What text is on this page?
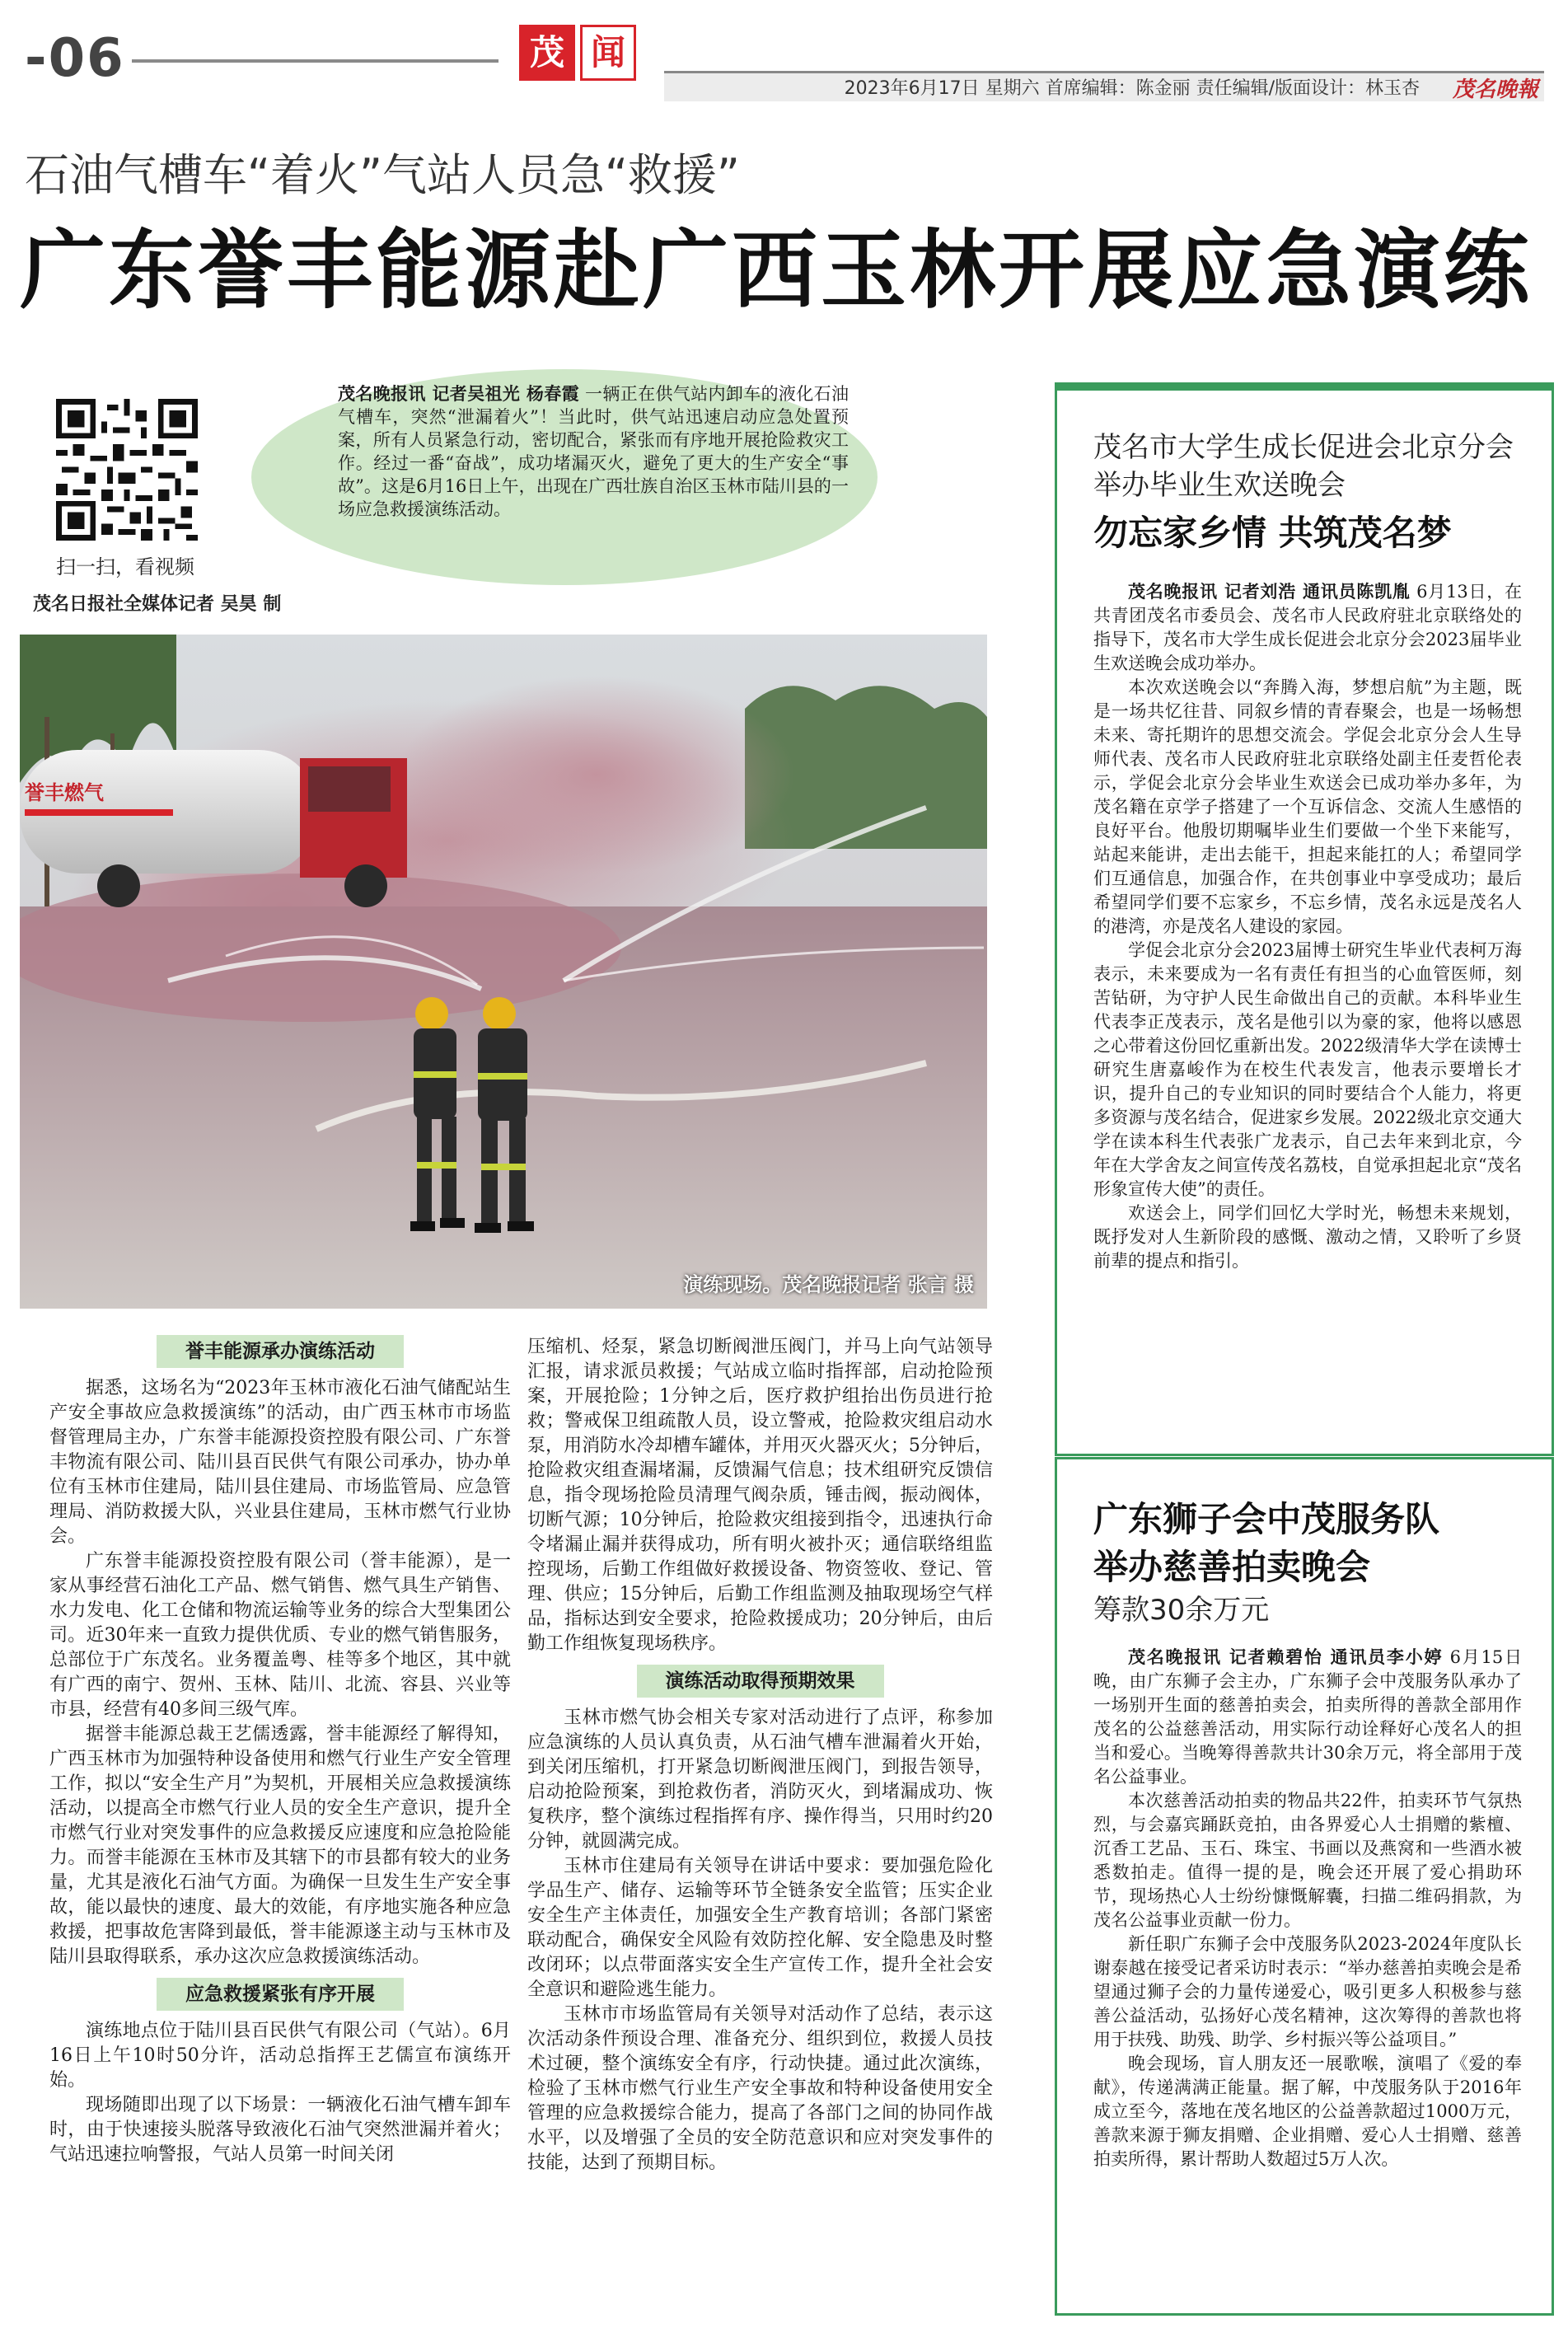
-06	茂 闻
2023年6月17日 星期六 首席编辑：陈金丽 责任编辑/版面设计：林玉杏 茂名晚報
石油气槽车“着火”气站人员急“救援”
广东誉丰能源赴广西玉林开展应急演练
扫一扫，看视频
茂名日报社全媒体记者 吴昊 制
茂名晚报讯 记者吴祖光 杨春霞 一辆正在供气站内卸车的液化石油气槽车，突然“泄漏着火”！当此时，供气站迅速启动应急处置预案，所有人员紧急行动，密切配合，紧张而有序地开展抢险救灾工作。经过一番“奋战”，成功堵漏灭火，避免了更大的生产安全“事故”。这是6月16日上午，出现在广西壮族自治区玉林市陆川县的一场应急救援演练活动。
誉丰燃气
演练现场。茂名晚报记者 张言 摄
誉丰能源承办演练活动

据悉，这场名为“2023年玉林市液化石油气储配站生产安全事故应急救援演练”的活动，由广西玉林市市场监督管理局主办，广东誉丰能源投资控股有限公司、广东誉丰物流有限公司、陆川县百民供气有限公司承办，协办单位有玉林市住建局，陆川县住建局、市场监管局、应急管理局、消防救援大队，兴业县住建局，玉林市燃气行业协会。

广东誉丰能源投资控股有限公司（誉丰能源），是一家从事经营石油化工产品、燃气销售、燃气具生产销售、水力发电、化工仓储和物流运输等业务的综合大型集团公司。近30年来一直致力提供优质、专业的燃气销售服务，总部位于广东茂名。业务覆盖粤、桂等多个地区，其中就有广西的南宁、贺州、玉林、陆川、北流、容县、兴业等市县，经营有40多间三级气库。

据誉丰能源总裁王艺儒透露，誉丰能源经了解得知，广西玉林市为加强特种设备使用和燃气行业生产安全管理工作，拟以“安全生产月”为契机，开展相关应急救援演练活动，以提高全市燃气行业人员的安全生产意识，提升全市燃气行业对突发事件的应急救援反应速度和应急抢险能力。而誉丰能源在玉林市及其辖下的市县都有较大的业务量，尤其是液化石油气方面。为确保一旦发生生产安全事故，能以最快的速度、最大的效能，有序地实施各种应急救援，把事故危害降到最低，誉丰能源遂主动与玉林市及陆川县取得联系，承办这次应急救援演练活动。

应急救援紧张有序开展

演练地点位于陆川县百民供气有限公司（气站）。6月16日上午10时50分许，活动总指挥王艺儒宣布演练开始。

现场随即出现了以下场景：一辆液化石油气槽车卸车时，由于快速接头脱落导致液化石油气突然泄漏并着火；气站迅速拉响警报，气站人员第一时间关闭

压缩机、烃泵，紧急切断阀泄压阀门，并马上向气站领导汇报，请求派员救援；气站成立临时指挥部，启动抢险预案，开展抢险；1分钟之后，医疗救护组抬出伤员进行抢救；警戒保卫组疏散人员，设立警戒，抢险救灾组启动水泵，用消防水冷却槽车罐体，并用灭火器灭火；5分钟后，抢险救灾组查漏堵漏，反馈漏气信息；技术组研究反馈信息，指令现场抢险员清理气阀杂质，锤击阀，振动阀体，切断气源；10分钟后，抢险救灾组接到指令，迅速执行命令堵漏止漏并获得成功，所有明火被扑灭；通信联络组监控现场，后勤工作组做好救援设备、物资签收、登记、管理、供应；15分钟后，后勤工作组监测及抽取现场空气样品，指标达到安全要求，抢险救援成功；20分钟后，由后勤工作组恢复现场秩序。

演练活动取得预期效果

玉林市燃气协会相关专家对活动进行了点评，称参加应急演练的人员认真负责，从石油气槽车泄漏着火开始，到关闭压缩机，打开紧急切断阀泄压阀门，到报告领导，启动抢险预案，到抢救伤者，消防灭火，到堵漏成功、恢复秩序，整个演练过程指挥有序、操作得当，只用时约20分钟，就圆满完成。

玉林市住建局有关领导在讲话中要求：要加强危险化学品生产、储存、运输等环节全链条安全监管；压实企业安全生产主体责任，加强安全生产教育培训；各部门紧密联动配合，确保安全风险有效防控化解、安全隐患及时整改闭环；以点带面落实安全生产宣传工作，提升全社会安全意识和避险逃生能力。

玉林市市场监管局有关领导对活动作了总结，表示这次活动条件预设合理、准备充分、组织到位，救援人员技术过硬，整个演练安全有序，行动快捷。通过此次演练，检验了玉林市燃气行业生产安全事故和特种设备使用安全管理的应急救援综合能力，提高了各部门之间的协同作战水平，以及增强了全员的安全防范意识和应对突发事件的技能，达到了预期目标。

茂名市大学生成长促进会北京分会举办毕业生欢送晚会
勿忘家乡情 共筑茂名梦

茂名晚报讯 记者刘浩 通讯员陈凯胤 6月13日，在共青团茂名市委员会、茂名市人民政府驻北京联络处的指导下，茂名市大学生成长促进会北京分会2023届毕业生欢送晚会成功举办。

本次欢送晚会以“奔腾入海，梦想启航”为主题，既是一场共忆往昔、同叙乡情的青春聚会，也是一场畅想未来、寄托期许的思想交流会。学促会北京分会人生导师代表、茂名市人民政府驻北京联络处副主任麦哲伦表示，学促会北京分会毕业生欢送会已成功举办多年，为茂名籍在京学子搭建了一个互诉信念、交流人生感悟的良好平台。他殷切期嘱毕业生们要做一个坐下来能写，站起来能讲，走出去能干，担起来能扛的人；希望同学们互通信息，加强合作，在共创事业中享受成功；最后希望同学们要不忘家乡，不忘乡情，茂名永远是茂名人的港湾，亦是茂名人建设的家园。

学促会北京分会2023届博士研究生毕业代表柯万海表示，未来要成为一名有责任有担当的心血管医师，刻苦钻研，为守护人民生命做出自己的贡献。本科毕业生代表李正茂表示，茂名是他引以为豪的家，他将以感恩之心带着这份回忆重新出发。2022级清华大学在读博士研究生唐嘉峻作为在校生代表发言，他表示要增长才识，提升自己的专业知识的同时要结合个人能力，将更多资源与茂名结合，促进家乡发展。2022级北京交通大学在读本科生代表张广龙表示，自己去年来到北京，今年在大学舍友之间宣传茂名荔枝，自觉承担起北京“茂名形象宣传大使”的责任。

欢送会上，同学们回忆大学时光，畅想未来规划，既抒发对人生新阶段的感慨、激动之情，又聆听了乡贤前辈的提点和指引。

广东狮子会中茂服务队
举办慈善拍卖晚会
筹款30余万元

茂名晚报讯 记者赖碧怡 通讯员李小婷 6月15日晚，由广东狮子会主办，广东狮子会中茂服务队承办了一场别开生面的慈善拍卖会，拍卖所得的善款全部用作茂名的公益慈善活动，用实际行动诠释好心茂名人的担当和爱心。当晚筹得善款共计30余万元，将全部用于茂名公益事业。

本次慈善活动拍卖的物品共22件，拍卖环节气氛热烈，与会嘉宾踊跃竞拍，由各界爱心人士捐赠的紫檀、沉香工艺品、玉石、珠宝、书画以及燕窝和一些酒水被悉数拍走。值得一提的是，晚会还开展了爱心捐助环节，现场热心人士纷纷慷慨解囊，扫描二维码捐款，为茂名公益事业贡献一份力。

新任职广东狮子会中茂服务队2023-2024年度队长谢泰越在接受记者采访时表示：“举办慈善拍卖晚会是希望通过狮子会的力量传递爱心，吸引更多人积极参与慈善公益活动，弘扬好心茂名精神，这次筹得的善款也将用于扶残、助残、助学、乡村振兴等公益项目。”

晚会现场，盲人朋友还一展歌喉，演唱了《爱的奉献》，传递满满正能量。据了解，中茂服务队于2016年成立至今，落地在茂名地区的公益善款超过1000万元，善款来源于狮友捐赠、企业捐赠、爱心人士捐赠、慈善拍卖所得，累计帮助人数超过5万人次。
